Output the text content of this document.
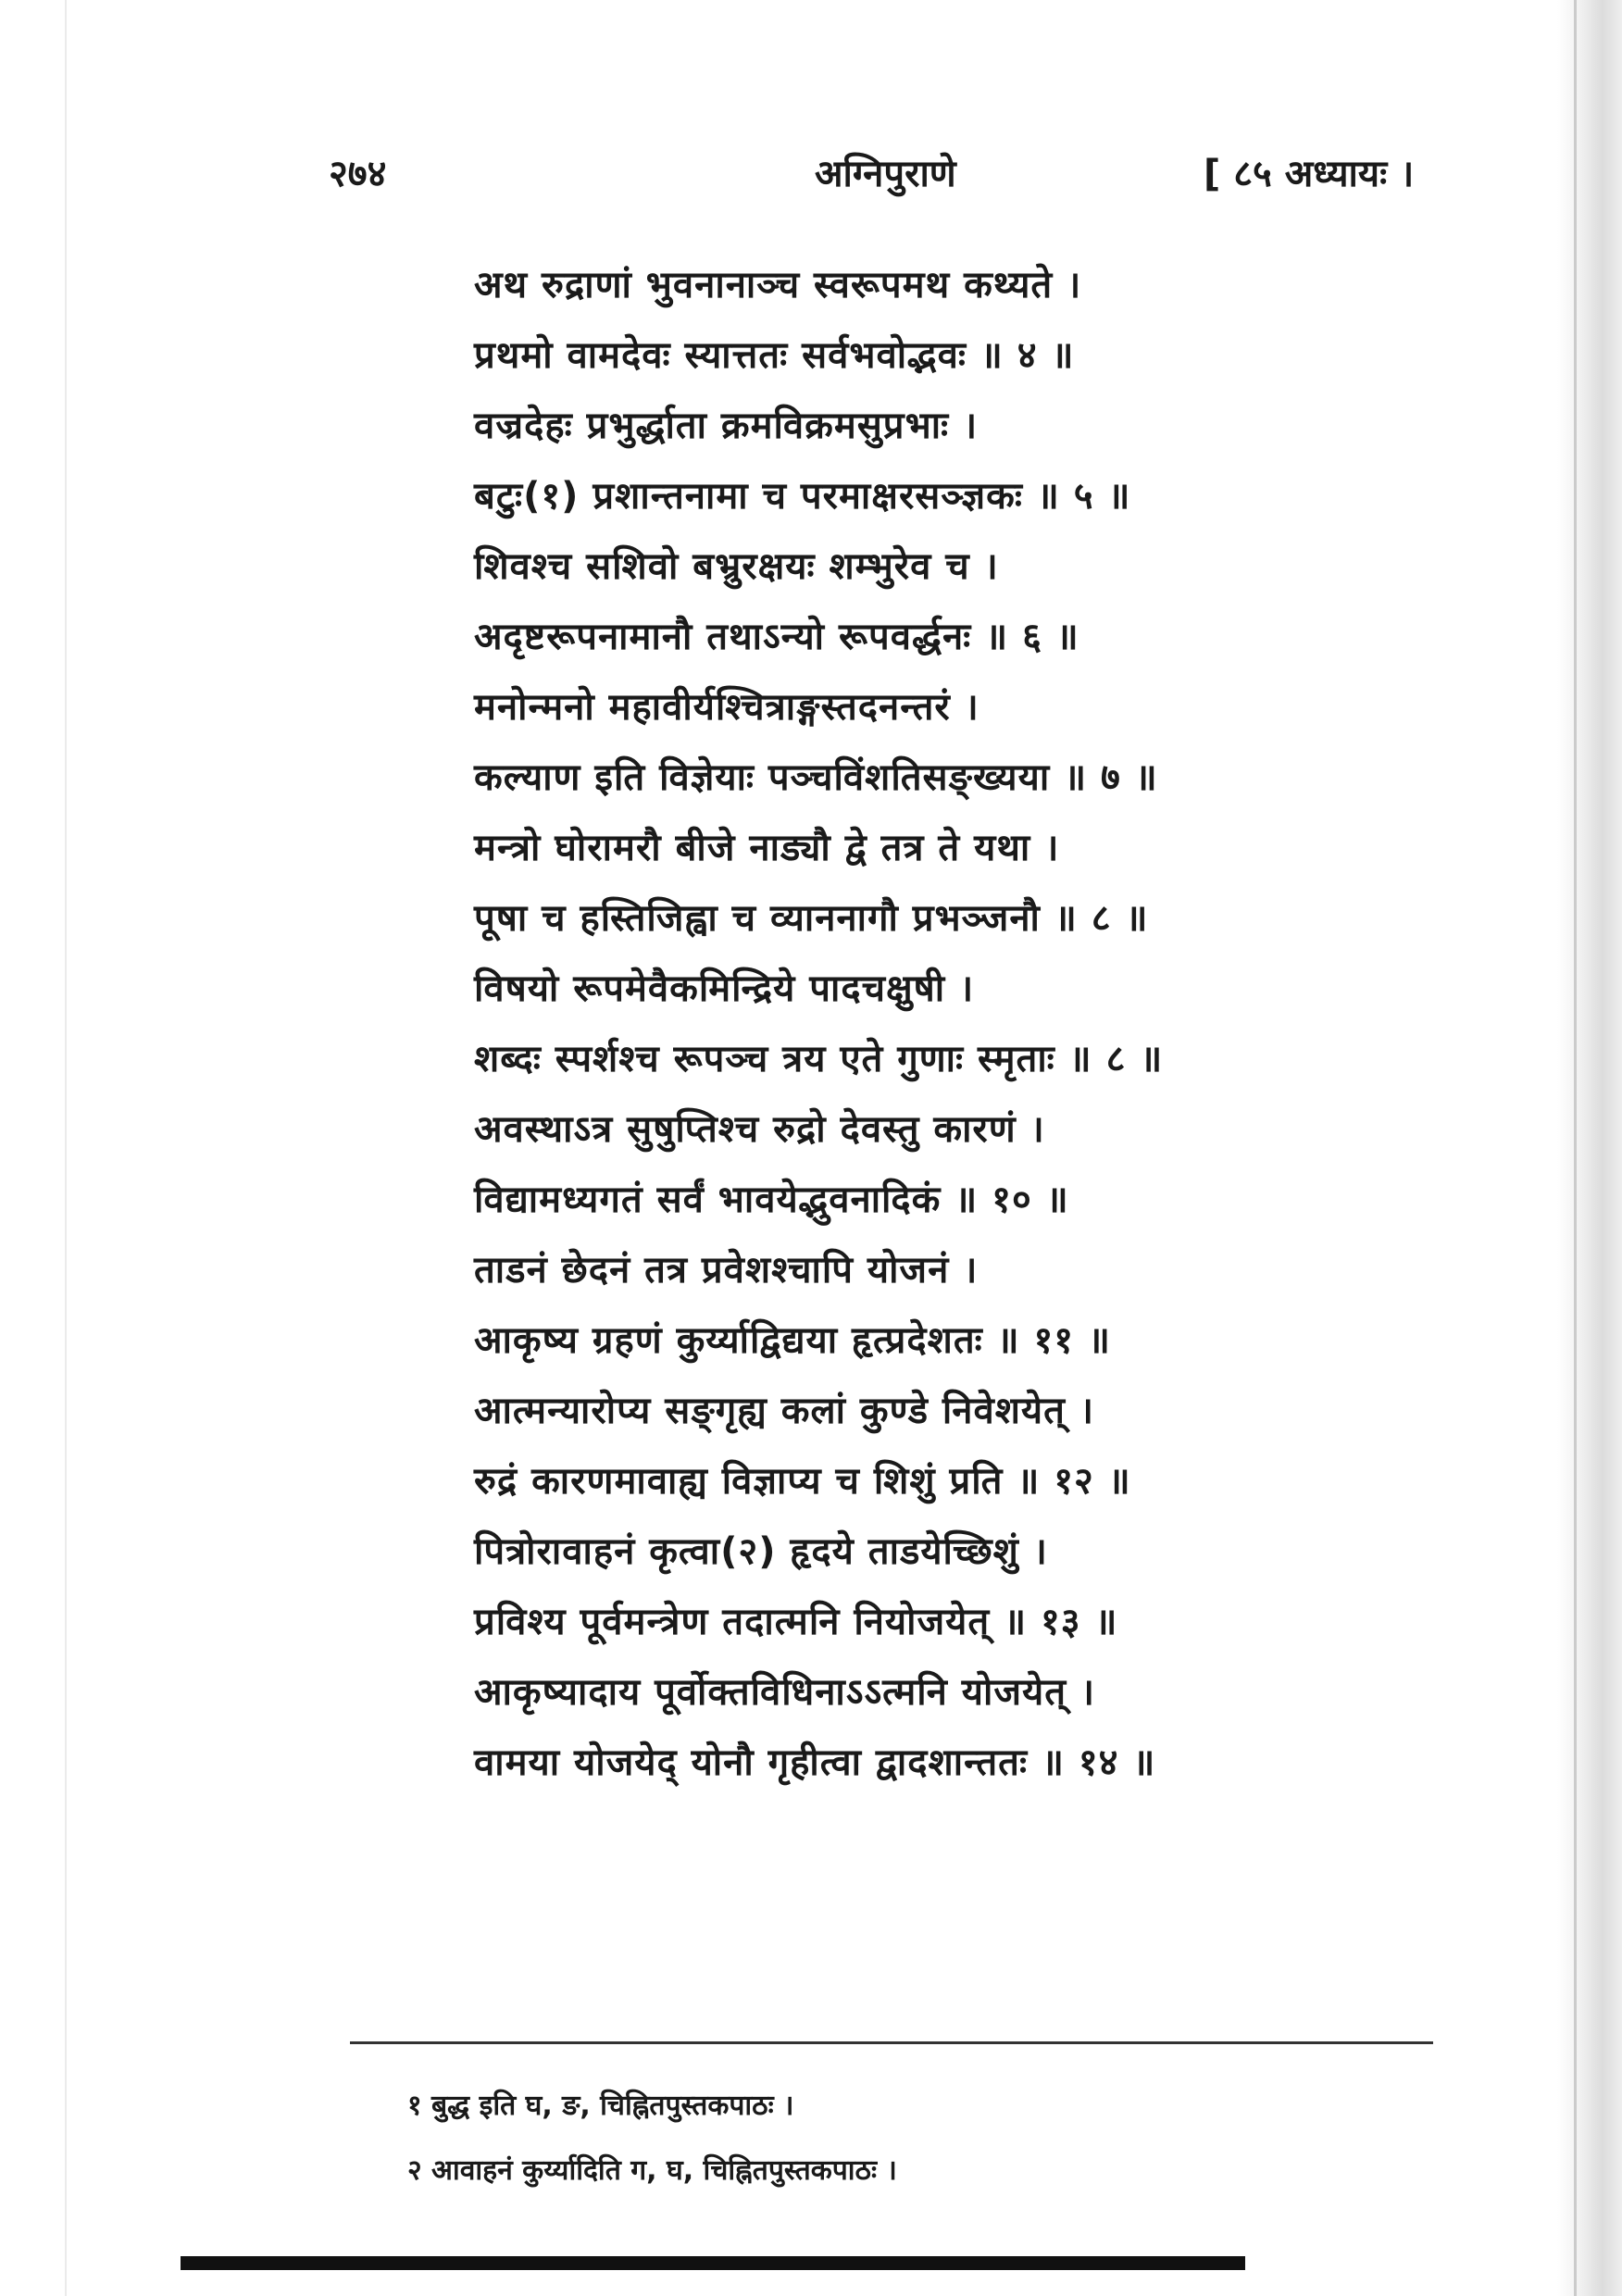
२७४	अग्निपुराणे	[ ८५ अध्यायः ।
अथ रुद्राणां भुवनानाञ्च स्वरूपमथ कथ्यते ।
प्रथमो वामदेवः स्यात्ततः सर्वभवोद्भवः ॥ ४ ॥
वज्रदेहः प्रभुर्द्धाता क्रमविक्रमसुप्रभाः ।
बटुः(१) प्रशान्तनामा च परमाक्षरसञ्ज्ञकः ॥ ५ ॥
शिवश्च सशिवो बभ्रुरक्षयः शम्भुरेव च ।
अदृष्टरूपनामानौ तथाऽन्यो रूपवर्द्धनः ॥ ६ ॥
मनोन्मनो महावीर्यश्चित्राङ्गस्तदनन्तरं ।
कल्याण इति विज्ञेयाः पञ्चविंशतिसङ्ख्यया ॥ ७ ॥
मन्त्रो घोरामरौ बीजे नाड्यौ द्वे तत्र ते यथा ।
पूषा च हस्तिजिह्वा च व्याननागौ प्रभञ्जनौ ॥ ८ ॥
विषयो रूपमेवैकमिन्द्रिये पादचक्षुषी ।
शब्दः स्पर्शश्च रूपञ्च त्रय एते गुणाः स्मृताः ॥ ८ ॥
अवस्थाऽत्र सुषुप्तिश्च रुद्रो देवस्तु कारणं ।
विद्यामध्यगतं सर्वं भावयेद्भुवनादिकं ॥ १० ॥
ताडनं छेदनं तत्र प्रवेशश्चापि योजनं ।
आकृष्य ग्रहणं कुर्य्याद्विद्यया हृत्प्रदेशतः ॥ ११ ॥
आत्मन्यारोप्य सङ्गृह्य कलां कुण्डे निवेशयेत् ।
रुद्रं कारणमावाह्य विज्ञाप्य च शिशुं प्रति ॥ १२ ॥
पित्रोरावाहनं कृत्वा(२) हृदये ताडयेच्छिशुं ।
प्रविश्य पूर्वमन्त्रेण तदात्मनि नियोजयेत् ॥ १३ ॥
आकृष्यादाय पूर्वोक्तविधिनाऽऽत्मनि योजयेत् ।
वामया योजयेद् योनौ गृहीत्वा द्वादशान्ततः ॥ १४ ॥
१ बुद्ध इति घ, ङ, चिह्नितपुस्तकपाठः ।
२ आवाहनं कुर्य्यादिति ग, घ, चिह्नितपुस्तकपाठः ।
